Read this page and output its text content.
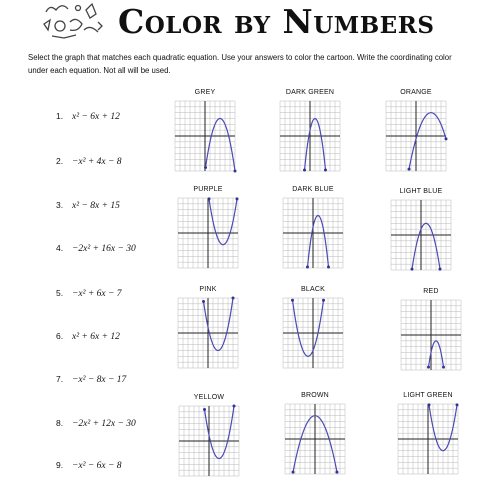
Color by Numbers
Select the graph that matches each quadratic equation. Use your answers to color the cartoon. Write the coordinating color under each equation. Not all will be used.
1. x² − 6x + 12
2. −x² + 4x − 8
3. x² − 8x + 15
4. −2x² + 16x − 30
5. −x² + 6x − 7
6. x² + 6x + 12
7. −x² − 8x − 17
8. −2x² + 12x − 30
9. −x² − 6x − 8
GREY	DARK GREEN	ORANGE
PURPLE	DARK BLUE	LIGHT BLUE
PINK	BLACK	RED
YELLOW	BROWN	LIGHT GREEN
